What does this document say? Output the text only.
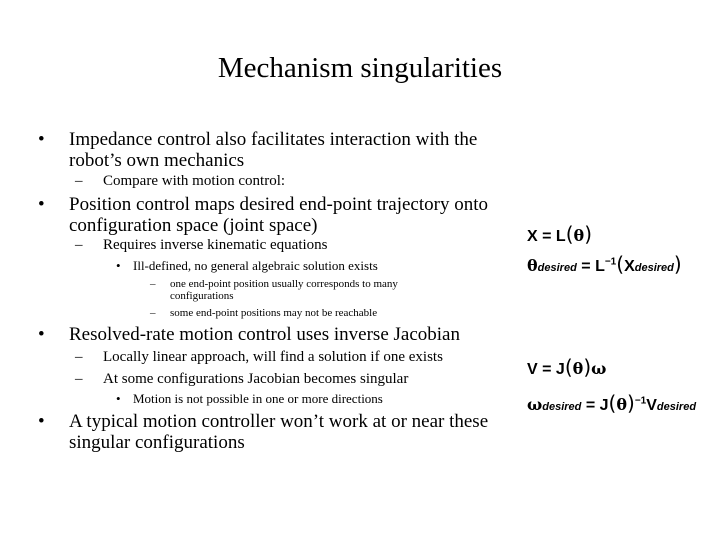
Mechanism singularities
• Impedance control also facilitates interaction with the
robot’s own mechanics
–	Compare with motion control:
• Position control maps desired end-point trajectory onto
configuration space (joint space)
–	Requires inverse kinematic equations
• Ill-defined, no general algebraic solution exists
– one end-point position usually corresponds to many
configurations
–	some end-point positions may not be reachable
•	Resolved-rate motion control uses inverse Jacobian
–	Locally linear approach, will find a solution if one exists
–	At some configurations Jacobian becomes singular
• Motion is not possible in one or more directions
• A typical motion controller won’t work at or near these
singular configurations
X = L(θ)
θdesired = $L^{-1}(Xdesired)$
V = J(θ)ω
ωdesired = $J(\theta)^{-1}Vdesired$
